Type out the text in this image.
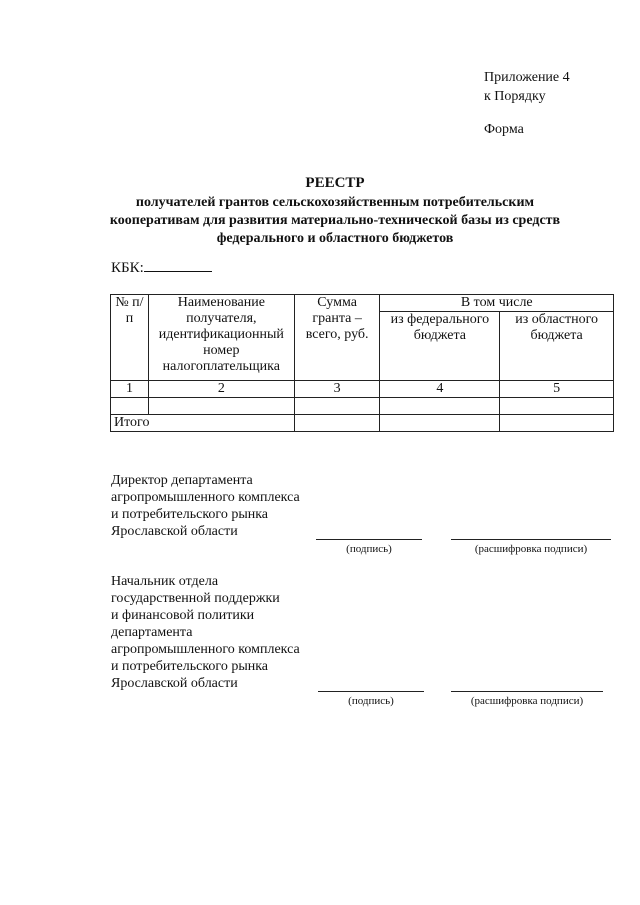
Приложение 4
к Порядку
Форма
РЕЕСТР
получателей грантов сельскохозяйственным потребительским
кооперативам для развития материально-технической базы из средств
федерального и областного бюджетов
КБК:
№ п/п	Наименование получателя, идентификационный номер налогоплательщика	Сумма гранта – всего, руб.	В том числе	
			из федерального бюджета	из областного бюджета
1	2	3	4	5

Итого				
Директор департамента
агропромышленного комплекса
и потребительского рынка
Ярославской области
(подпись)	(расшифровка подписи)
Начальник отдела
государственной поддержки
и финансовой политики
департамента
агропромышленного комплекса
и потребительского рынка
Ярославской области
(подпись)	(расшифровка подписи)
